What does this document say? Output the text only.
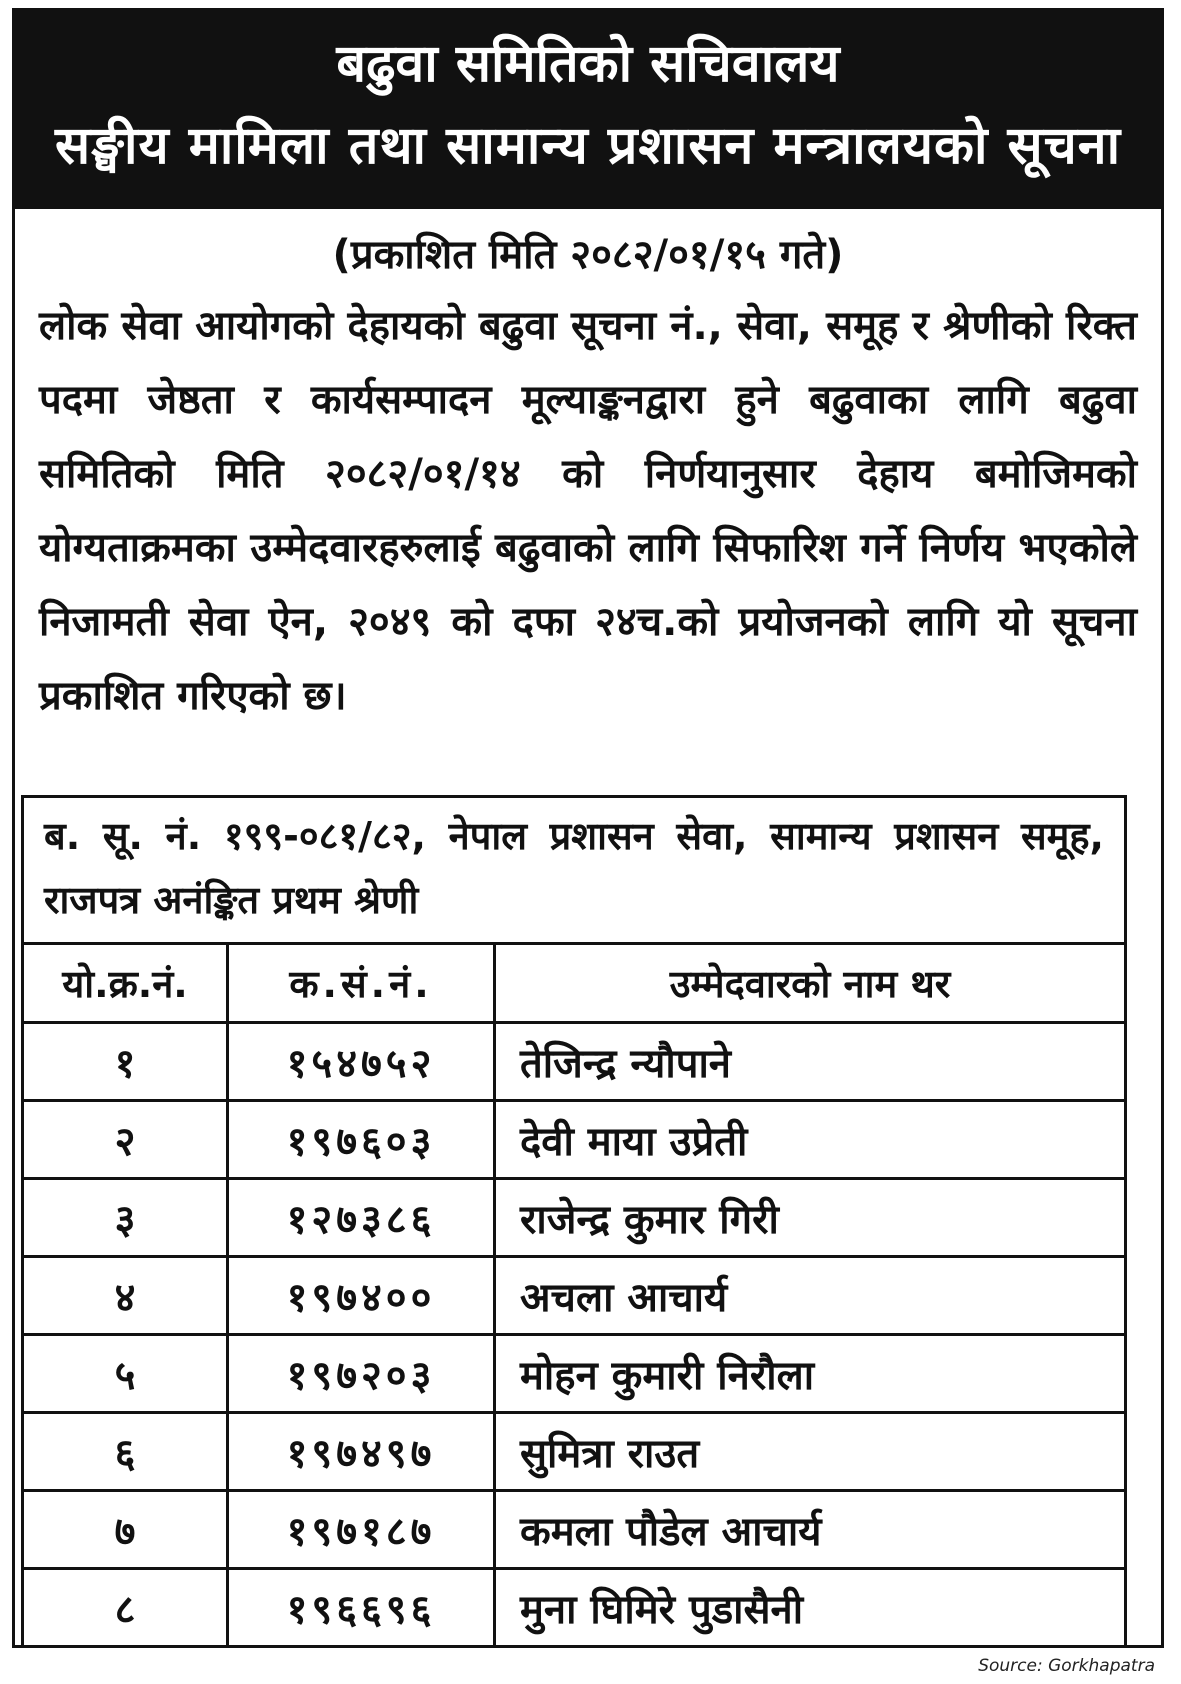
बढुवा समितिको सचिवालय
सङ्घीय मामिला तथा सामान्य प्रशासन मन्त्रालयको सूचना
(प्रकाशित मिति २०८२/०१/१५ गते)
लोक सेवा आयोगको देहायको बढुवा सूचना नं., सेवा, समूह र श्रेणीको रिक्त पदमा जेष्ठता र कार्यसम्पादन मूल्याङ्कनद्वारा हुने बढुवाका लागि बढुवा समितिको मिति २०८२/०१/१४ को निर्णयानुसार देहाय बमोजिमको योग्यताक्रमका उम्मेदवारहरुलाई बढुवाको लागि सिफारिश गर्ने निर्णय भएकोले निजामती सेवा ऐन, २०४९ को दफा २४च.को प्रयोजनको लागि यो सूचना प्रकाशित गरिएको छ।
ब. सू. नं. १९९-०८१/८२, नेपाल प्रशासन सेवा, सामान्य प्रशासन समूह, राजपत्र अनंङ्कित प्रथम श्रेणी		
यो.क्र.नं.	क.सं.नं.	उम्मेदवारको नाम थर
१	१५४७५२	तेजिन्द्र न्यौपाने
२	१९७६०३	देवी माया उप्रेती
३	१२७३८६	राजेन्द्र कुमार गिरी
४	१९७४००	अचला आचार्य
५	१९७२०३	मोहन कुमारी निरौला
६	१९७४९७	सुमित्रा राउत
७	१९७१८७	कमला पौडेल आचार्य
८	१९६६९६	मुना घिमिरे पुडासैनी
Source: Gorkhapatra
